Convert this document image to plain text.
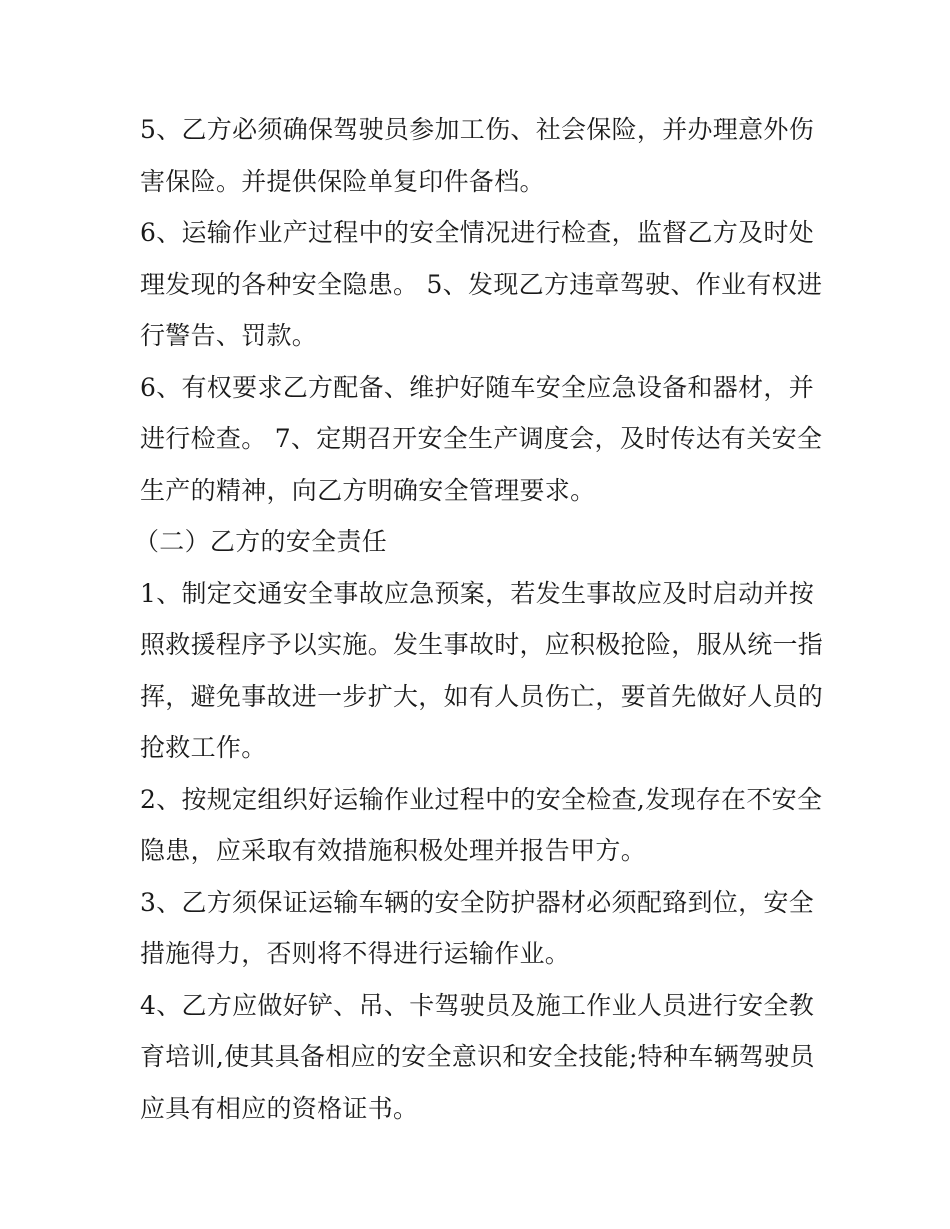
5、乙方必须确保驾驶员参加工伤、社会保险，并办理意外伤
害保险。并提供保险单复印件备档。
6、运输作业产过程中的安全情况进行检查，监督乙方及时处
理发现的各种安全隐患。 5、发现乙方违章驾驶、作业有权进
行警告、罚款。
6、有权要求乙方配备、维护好随车安全应急设备和器材，并
进行检查。 7、定期召开安全生产调度会，及时传达有关安全
生产的精神，向乙方明确安全管理要求。
（二）乙方的安全责任
1、制定交通安全事故应急预案，若发生事故应及时启动并按
照救援程序予以实施。发生事故时，应积极抢险，服从统一指
挥，避免事故进一步扩大，如有人员伤亡，要首先做好人员的
抢救工作。
2、按规定组织好运输作业过程中的安全检查,发现存在不安全
隐患，应采取有效措施积极处理并报告甲方。
3、乙方须保证运输车辆的安全防护器材必须配臵到位，安全
措施得力，否则将不得进行运输作业。
4、乙方应做好铲、吊、卡驾驶员及施工作业人员进行安全教
育培训,使其具备相应的安全意识和安全技能;特种车辆驾驶员
应具有相应的资格证书。
